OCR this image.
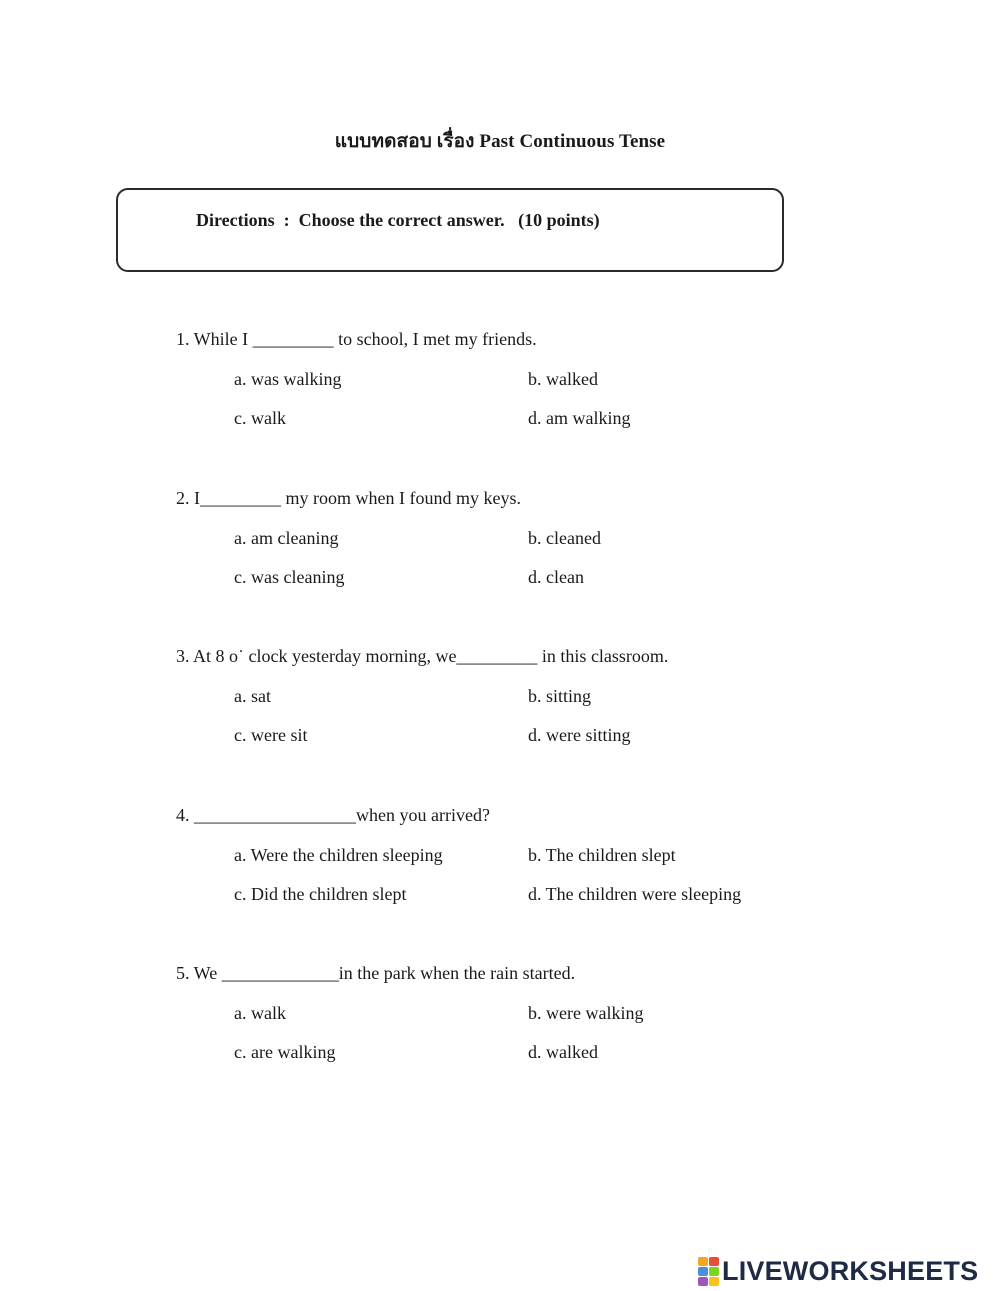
แบบทดสอบ เรื่อง Past Continuous Tense
Directions  :  Choose the correct answer.   (10 points)
1. While I _________ to school, I met my friends.
a. was walking	b. walked
c. walk	d. am walking
2. I_________ my room when I found my keys.
a. am cleaning	b. cleaned
c. was cleaning	d. clean
3. At 8 o˙ clock yesterday morning, we_________ in this classroom.
a. sat	b. sitting
c. were sit	d. were sitting
4. __________________when you arrived?
a. Were the children sleeping	b. The children slept
c. Did the children slept	d. The children were sleeping
5. We _____________in the park when the rain started.
a. walk	b. were walking
c. are walking	d. walked
LIVEWORKSHEETS
